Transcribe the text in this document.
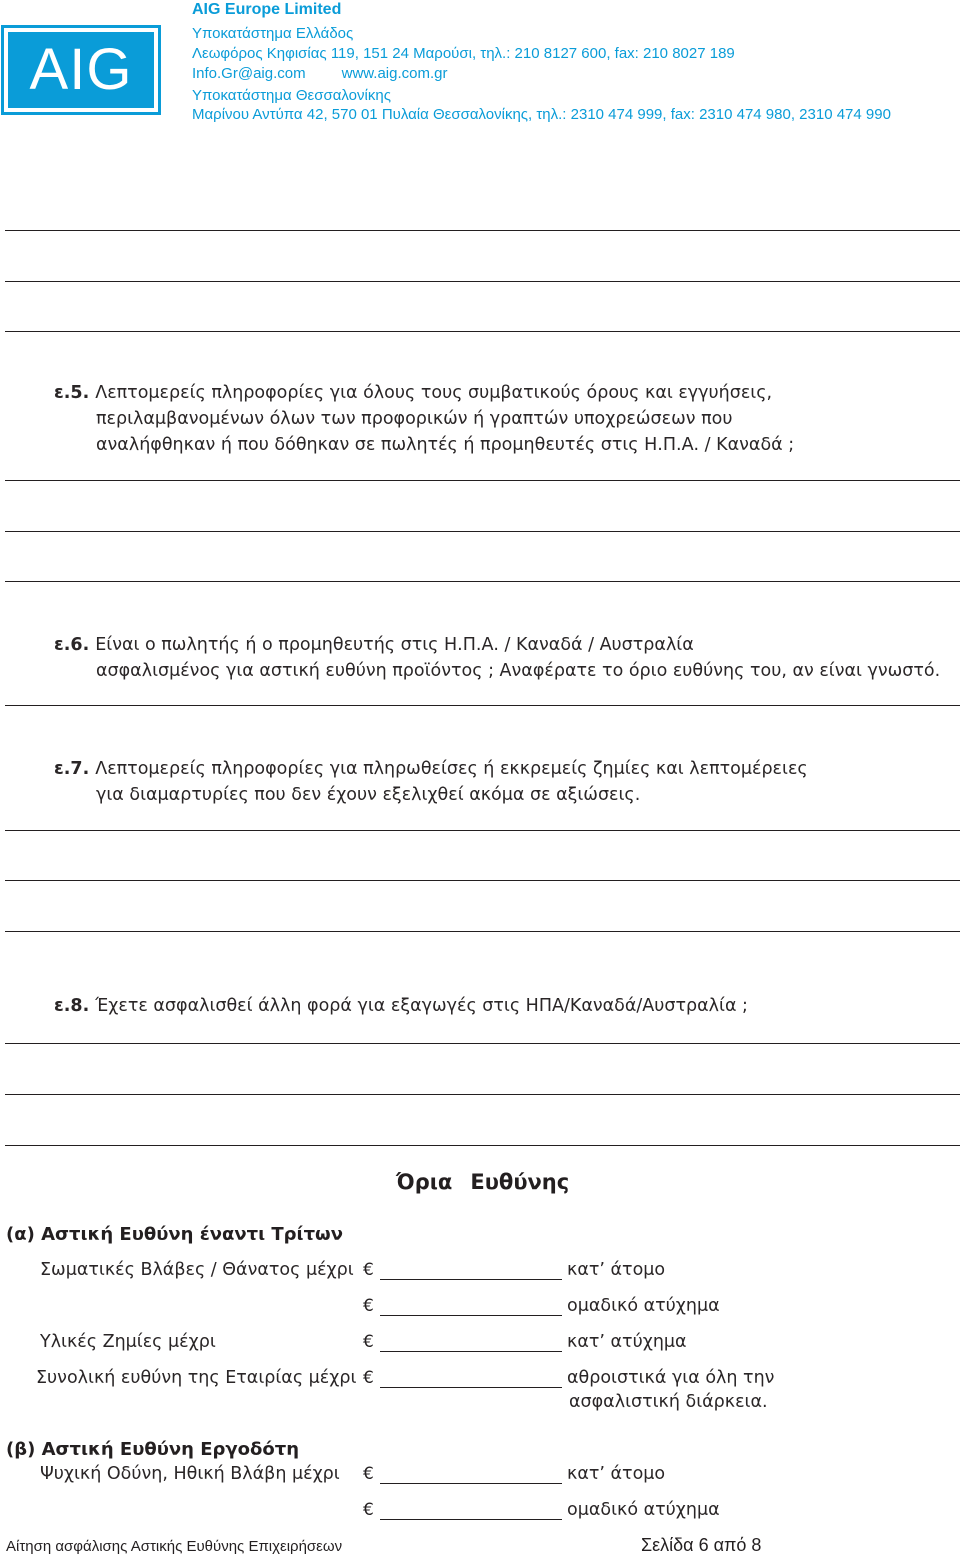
AIG
AIG Europe Limited
Υποκατάστημα Ελλάδος
Λεωφόρος Κηφισίας 119, 151 24 Μαρούσι, τηλ.: 210 8127 600, fax: 210 8027 189
Info.Gr@aig.com www.aig.com.gr
Υποκατάστημα Θεσσαλονίκης
Μαρίνου Αντύπα 42, 570 01 Πυλαία Θεσσαλονίκης, τηλ.: 2310 474 999, fax: 2310 474 980, 2310 474 990
ε.5. Λεπτομερείς πληροφορίες για όλους τους συμβατικούς όρους και εγγυήσεις,
περιλαμβανομένων όλων των προφορικών ή γραπτών υποχρεώσεων που
αναλήφθηκαν ή που δόθηκαν σε πωλητές ή προμηθευτές στις Η.Π.Α. / Καναδά ;
ε.6. Είναι ο πωλητής ή ο προμηθευτής στις Η.Π.Α. / Καναδά / Αυστραλία
ασφαλισμένος για αστική ευθύνη προϊόντος ; Αναφέρατε το όριο ευθύνης του, αν είναι γνωστό.
ε.7. Λεπτομερείς πληροφορίες για πληρωθείσες ή εκκρεμείς ζημίες και λεπτομέρειες
για διαμαρτυρίες που δεν έχουν εξελιχθεί ακόμα σε αξιώσεις.
ε.8. Έχετε ασφαλισθεί άλλη φορά για εξαγωγές στις ΗΠΑ/Καναδά/Αυστραλία ;
Όρια Ευθύνης
(α) Αστική Ευθύνη έναντι Τρίτων
Σωματικές Βλάβες / Θάνατος μέχρι €	κατ’ άτομο
€	ομαδικό ατύχημα
Υλικές Ζημίες μέχρι	€	κατ’ ατύχημα
Συνολική ευθύνη της Εταιρίας μέχρι €	αθροιστικά για όλη την
ασφαλιστική διάρκεια.
(β) Αστική Ευθύνη Εργοδότη
Ψυχική Οδύνη, Ηθική Βλάβη μέχρι €	κατ’ άτομο
€	ομαδικό ατύχημα
Αίτηση ασφάλισης Αστικής Ευθύνης Επιχειρήσεων	Σελίδα 6 από 8
